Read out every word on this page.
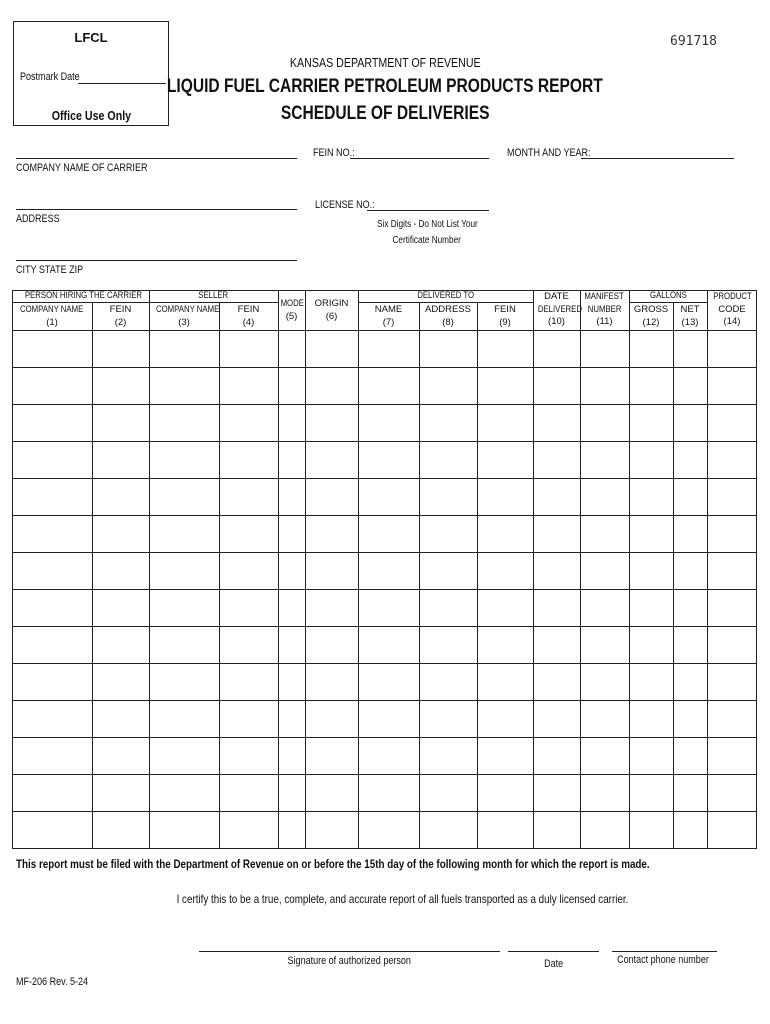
LFCL
Postmark Date
Office Use Only
691718
KANSAS DEPARTMENT OF REVENUE
LIQUID FUEL CARRIER PETROLEUM PRODUCTS REPORT
SCHEDULE OF DELIVERIES
COMPANY NAME OF CARRIER
FEIN NO.:	MONTH AND YEAR:
ADDRESS
LICENSE NO.:
Six Digits - Do Not List Your
Certificate Number
CITY STATE ZIP
PERSON HIRING THE CARRIER	SELLER	DELIVERED TO	GALLONS
COMPANY NAME
(1)
FEIN
(2)
COMPANY NAME
(3)
FEIN
(4)
MODE
(5)
ORIGIN
(6)
NAME
(7)
ADDRESS
(8)
FEIN
(9)
DATE
DELIVERED
(10)
MANIFEST
NUMBER
(11)
GROSS
(12)
NET
(13)
PRODUCT
CODE
(14)
This report must be filed with the Department of Revenue on or before the 15th day of the following month for which the report is made.
I certify this to be a true, complete, and accurate report of all fuels transported as a duly licensed carrier.
Signature of authorized person	Date	Contact phone number
MF-206 Rev. 5-24
